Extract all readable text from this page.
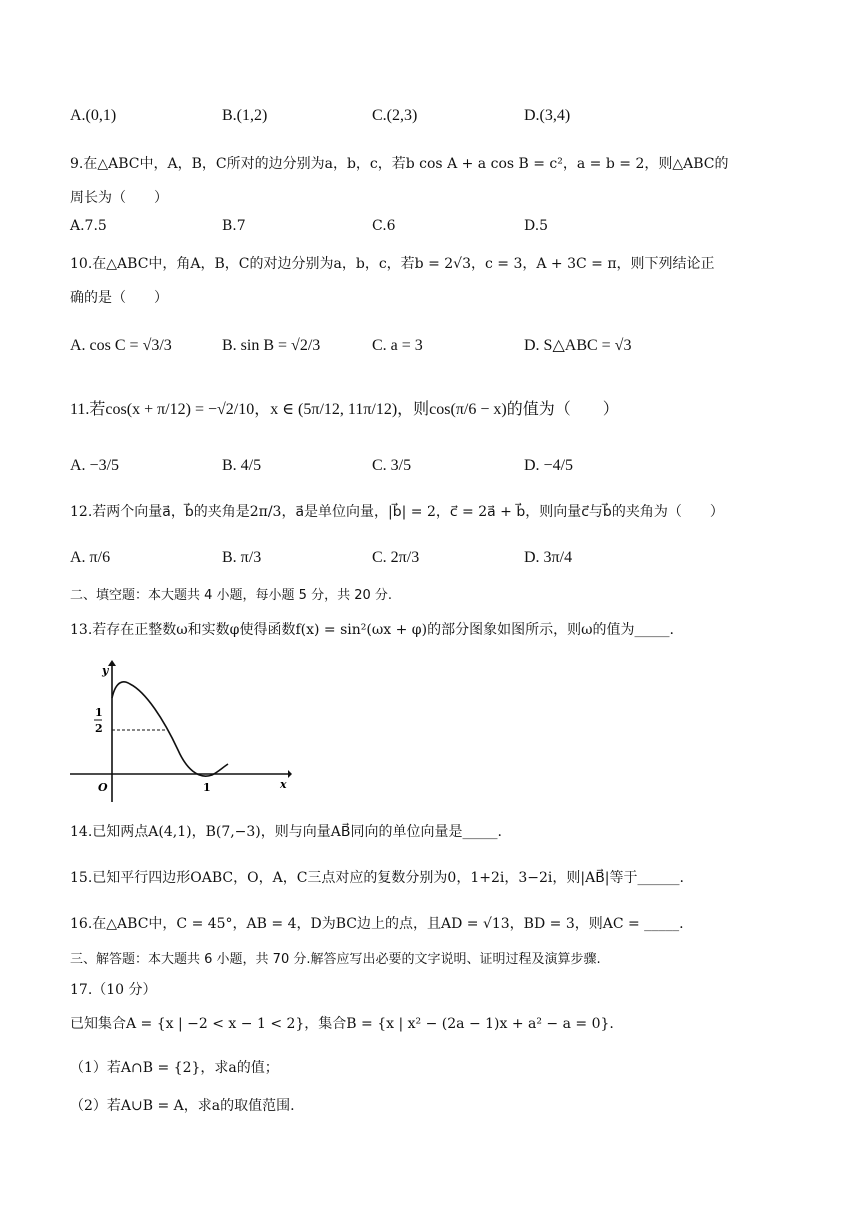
A.(0,1)	B.(1,2)	C.(2,3)	D.(3,4)
9.在△ABC中，A，B，C所对的边分别为a，b，c，若b cos A + a cos B = c²，a = b = 2，则△ABC的
周长为（　　）
A.7.5	B.7	C.6	D.5
10.在△ABC中，角A，B，C的对边分别为a，b，c，若b = 2√3，c = 3，A + 3C = π，则下列结论正
确的是（　　）
A. cos C = √3/3	B. sin B = √2/3	C. a = 3	D. S△ABC = √3
11.若cos(x + π/12) = −√2/10，x ∈ (5π/12, 11π/12)，则cos(π/6 − x)的值为（　　）
A. −3/5	B. 4/5	C. 3/5	D. −4/5
12.若两个向量a⃗，b⃗的夹角是2π/3，a⃗是单位向量，|b⃗| = 2，c⃗ = 2a⃗ + b⃗，则向量c⃗与b⃗的夹角为（　　）
A. π/6	B. π/3	C. 2π/3	D. 3π/4
二、填空题：本大题共 4 小题，每小题 5 分，共 20 分.
13.若存在正整数ω和实数φ使得函数f(x) = sin²(ωx + φ)的部分图象如图所示，则ω的值为_____.
y
x
O
1
2
1
14.已知两点A(4,1)，B(7,−3)，则与向量AB⃗同向的单位向量是_____.
15.已知平行四边形OABC，O，A，C三点对应的复数分别为0，1+2i，3−2i，则|AB⃗|等于______.
16.在△ABC中，C = 45°，AB = 4，D为BC边上的点，且AD = √13，BD = 3，则AC = _____.
三、解答题：本大题共 6 小题，共 70 分.解答应写出必要的文字说明、证明过程及演算步骤.
17.（10 分）
已知集合A = {x | −2 < x − 1 < 2}，集合B = {x | x² − (2a − 1)x + a² − a = 0}.
（1）若A∩B = {2}，求a的值；
（2）若A∪B = A，求a的取值范围.
